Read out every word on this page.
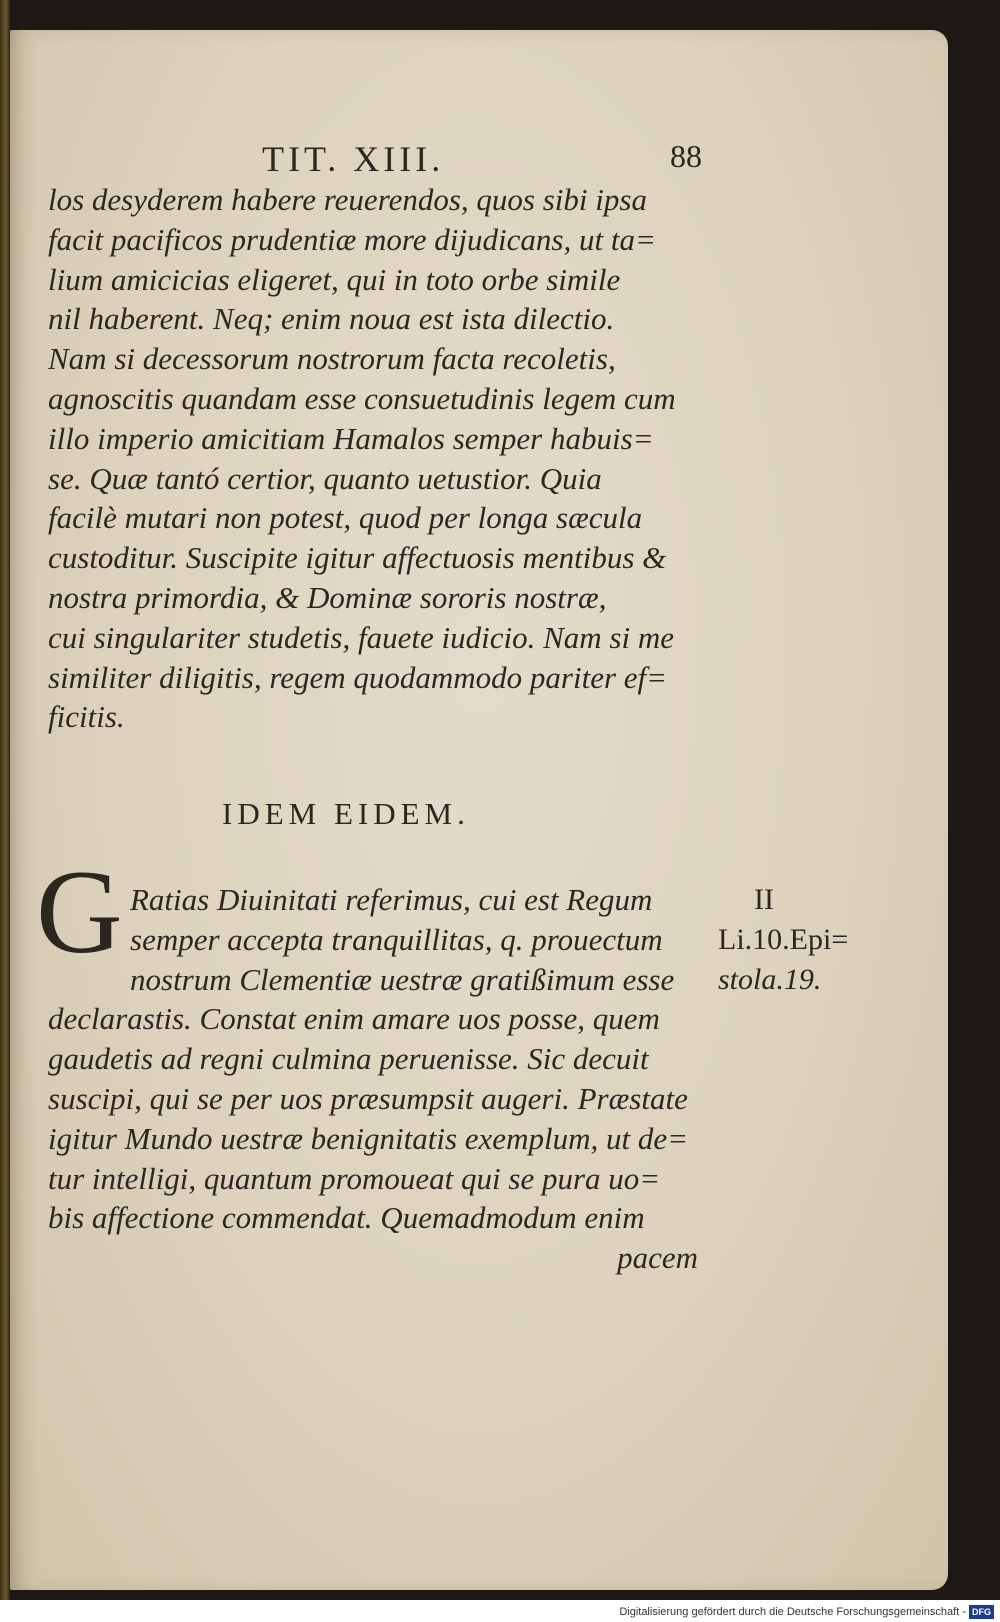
TIT. XIII.	88
los desyderem habere reuerendos, quos sibi ipsa
facit pacificos prudentiæ more dijudicans, ut ta=
lium amicicias eligeret, qui in toto orbe simile
nil haberent. Neq; enim noua est ista dilectio.
Nam si decessorum nostrorum facta recoletis,
agnoscitis quandam esse consuetudinis legem cum
illo imperio amicitiam Hamalos semper habuis=
se. Quæ tantó certior, quanto uetustior. Quia
facilè mutari non potest, quod per longa sæcula
custoditur. Suscipite igitur affectuosis mentibus &
nostra primordia, & Dominæ sororis nostræ,
cui singulariter studetis, fauete iudicio. Nam si me
similiter diligitis, regem quodammodo pariter ef=
ficitis.
IDEM EIDEM.
G Ratias Diuinitati referimus, cui est Regum
semper accepta tranquillitas, q. prouectum
nostrum Clementiæ uestræ gratißimum esse
declarastis. Constat enim amare uos posse, quem
gaudetis ad regni culmina peruenisse. Sic decuit
suscipi, qui se per uos præsumpsit augeri. Præstate
igitur Mundo uestræ benignitatis exemplum, ut de=
tur intelligi, quantum promoueat qui se pura uo=
bis affectione commendat. Quemadmodum enim
pacem
II
Li.10.Epi=
stola.19.
Digitalisierung gefördert durch die Deutsche Forschungsgemeinschaft - DFG
